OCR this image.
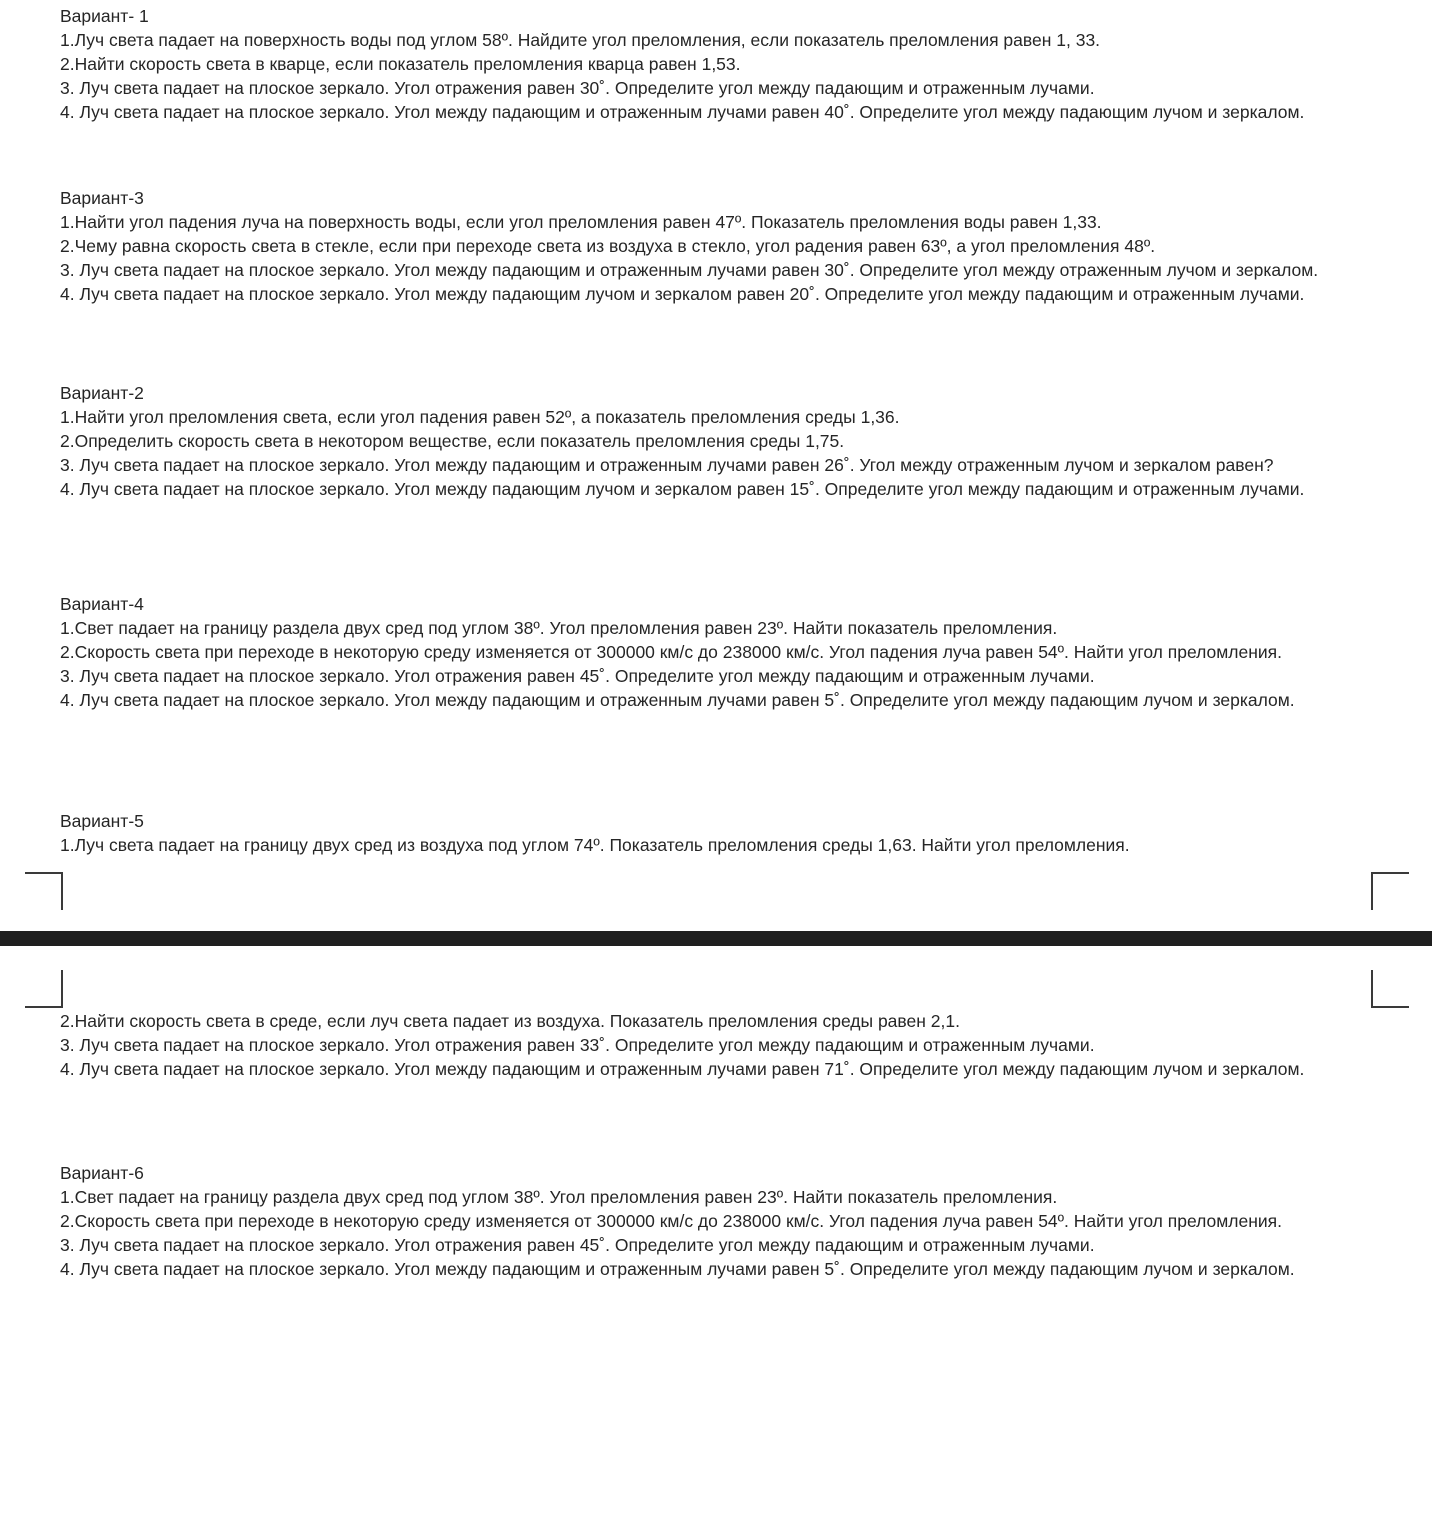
Вариант- 1

1.Луч света падает на поверхность воды под углом 58º. Найдите угол преломления, если показатель преломления равен 1, 33.

2.Найти скорость света в кварце, если показатель преломления кварца равен 1,53.

3. Луч света падает на плоское зеркало. Угол отражения равен 30˚. Определите угол между падающим и отраженным лучами.

4. Луч света падает на плоское зеркало. Угол между падающим и отраженным лучами равен 40˚. Определите угол между падающим лучом и зеркалом.

Вариант-3

1.Найти угол падения луча на поверхность воды, если угол преломления равен 47º. Показатель преломления воды равен 1,33.

2.Чему равна скорость света в стекле, если при переходе света из воздуха в стекло, угол радения равен 63º, а угол преломления 48º.

3. Луч света падает на плоское зеркало. Угол между падающим и отраженным лучами равен 30˚. Определите угол между отраженным лучом и зеркалом.

4. Луч света падает на плоское зеркало. Угол между падающим лучом и зеркалом равен 20˚. Определите угол между падающим и отраженным лучами.

Вариант-2

1.Найти угол преломления света, если угол падения равен 52º, а показатель преломления среды 1,36.

2.Определить скорость света в некотором веществе, если показатель преломления среды 1,75.

3. Луч света падает на плоское зеркало. Угол между падающим и отраженным лучами равен 26˚. Угол между отраженным лучом и зеркалом равен?

4. Луч света падает на плоское зеркало. Угол между падающим лучом и зеркалом равен 15˚. Определите угол между падающим и отраженным лучами.

Вариант-4

1.Свет падает на границу раздела двух сред под углом 38º. Угол преломления равен 23º. Найти показатель преломления.

2.Скорость света при переходе в некоторую среду изменяется от 300000 км/с до 238000 км/с. Угол падения луча равен 54º. Найти угол преломления.

3. Луч света падает на плоское зеркало. Угол отражения равен 45˚. Определите угол между падающим и отраженным лучами.

4. Луч света падает на плоское зеркало. Угол между падающим и отраженным лучами равен 5˚. Определите угол между падающим лучом и зеркалом.

Вариант-5

1.Луч света падает на границу двух сред из воздуха под углом 74º. Показатель преломления среды 1,63. Найти угол преломления.

2.Найти скорость света в среде, если луч света падает из воздуха. Показатель преломления среды равен 2,1.

3. Луч света падает на плоское зеркало. Угол отражения равен 33˚. Определите угол между падающим и отраженным лучами.

4. Луч света падает на плоское зеркало. Угол между падающим и отраженным лучами равен 71˚. Определите угол между падающим лучом и зеркалом.

Вариант-6

1.Свет падает на границу раздела двух сред под углом 38º. Угол преломления равен 23º. Найти показатель преломления.

2.Скорость света при переходе в некоторую среду изменяется от 300000 км/с до 238000 км/с. Угол падения луча равен 54º. Найти угол преломления.

3. Луч света падает на плоское зеркало. Угол отражения равен 45˚. Определите угол между падающим и отраженным лучами.

4. Луч света падает на плоское зеркало. Угол между падающим и отраженным лучами равен 5˚. Определите угол между падающим лучом и зеркалом.
